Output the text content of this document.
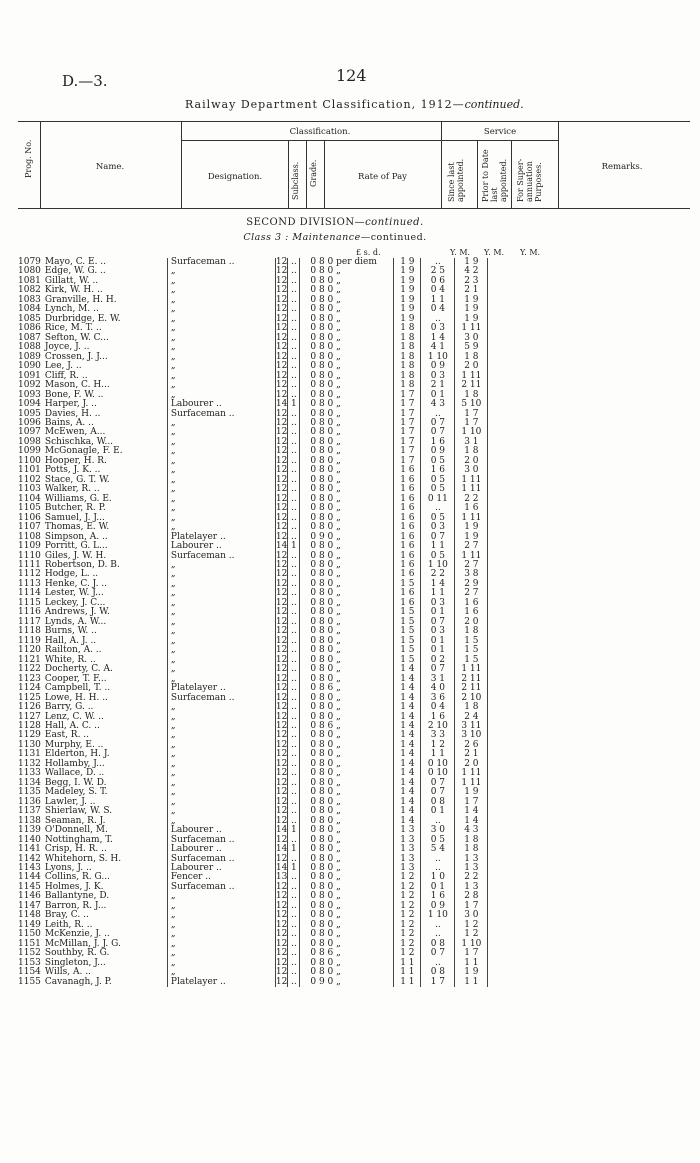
D.—3.	124
Railway Department Classification, 1912—continued.
Prog. No.	Name.
Classification.
Designation.	Subclass. Grade.	Rate of Pay
Service
Since last appointed. Prior to Date last appointed. For Super-annuation Purposes.	Remarks.
SECOND DIVISION—continued.
Class 3 : Maintenance—continued.
£ s. d.	Y. M. Y. M. Y. M.
1079	Mayo, C. E. ..	Surfaceman ..	12	..	0 8 0 per diem	1 9	..	1 9	
1080	Edge, W. G. ..	„	12	..	0 8 0 „	1 9	2 5	4 2	
1081	Gillatt, W. ..	„	12	..	0 8 0 „	1 9	0 6	2 3	
1082	Kirk, W. H. ..	„	12	..	0 8 0 „	1 9	0 4	2 1	
1083	Granville, H. H.	„	12	..	0 8 0 „	1 9	1 1	1 9	
1084	Lynch, M. ..	„	12	..	0 8 0 „	1 9	0 4	1 9	
1085	Durbridge, E. W.	„	12	..	0 8 0 „	1 9	..	1 9	
1086	Rice, M. T. ..	„	12	..	0 8 0 „	1 8	0 3	1 11	
1087	Sefton, W. C...	„	12	..	0 8 0 „	1 8	1 4	3 0	
1088	Joyce, J. ..	„	12	..	0 8 0 „	1 8	4 1	5 9	
1089	Crossen, J. J...	„	12	..	0 8 0 „	1 8	1 10	1 8	
1090	Lee, J. ..	„	12	..	0 8 0 „	1 8	0 9	2 0	
1091	Cliff, R. ..	„	12	..	0 8 0 „	1 8	0 3	1 11	
1092	Mason, C. H...	„	12	..	0 8 0 „	1 8	2 1	2 11	
1093	Bone, F. W. ..	„	12	..	0 8 0 „	1 7	0 1	1 8	
1094	Harper, J. ..	Labourer ..	14	1	0 8 0 „	1 7	4 3	5 10	
1095	Davies, H. ..	Surfaceman ..	12	..	0 8 0 „	1 7	..	1 7	
1096	Bains, A. ..	„	12	..	0 8 0 „	1 7	0 7	1 7	
1097	McEwen, A...	„	12	..	0 8 0 „	1 7	0 7	1 10	
1098	Schischka, W...	„	12	..	0 8 0 „	1 7	1 6	3 1	
1099	McGonagle, F. E.	„	12	..	0 8 0 „	1 7	0 9	1 8	
1100	Hooper, H. R.	„	12	..	0 8 0 „	1 7	0 5	2 0	
1101	Potts, J. K. ..	„	12	..	0 8 0 „	1 6	1 6	3 0	
1102	Stace, G. T. W.	„	12	..	0 8 0 „	1 6	0 5	1 11	
1103	Walker, R. ..	„	12	..	0 8 0 „	1 6	0 5	1 11	
1104	Williams, G. E.	„	12	..	0 8 0 „	1 6	0 11	2 2	
1105	Butcher, R. P.	„	12	..	0 8 0 „	1 6	..	1 6	
1106	Samuel, J. J...	„	12	..	0 8 0 „	1 6	0 5	1 11	
1107	Thomas, E. W.	„	12	..	0 8 0 „	1 6	0 3	1 9	
1108	Simpson, A. ..	Platelayer ..	12	..	0 9 0 „	1 6	0 7	1 9	
1109	Porritt, G. L...	Labourer ..	14	1	0 8 0 „	1 6	1 1	2 7	
1110	Giles, J. W. H.	Surfaceman ..	12	..	0 8 0 „	1 6	0 5	1 11	
1111	Robertson, D. B.	„	12	..	0 8 0 „	1 6	1 10	2 7	
1112	Hodge, L. ..	„	12	..	0 8 0 „	1 6	2 2	3 8	
1113	Henke, C. J. ..	„	12	..	0 8 0 „	1 5	1 4	2 9	
1114	Lester, W. J...	„	12	..	0 8 0 „	1 6	1 1	2 7	
1115	Leckey, J. C...	„	12	..	0 8 0 „	1 6	0 3	1 6	
1116	Andrews, J. W.	„	12	..	0 8 0 „	1 5	0 1	1 6	
1117	Lynds, A. W...	„	12	..	0 8 0 „	1 5	0 7	2 0	
1118	Burns, W. ..	„	12	..	0 8 0 „	1 5	0 3	1 8	
1119	Hall, A. J. ..	„	12	..	0 8 0 „	1 5	0 1	1 5	
1120	Railton, A. ..	„	12	..	0 8 0 „	1 5	0 1	1 5	
1121	White, R. ..	„	12	..	0 8 0 „	1 5	0 2	1 5	
1122	Docherty, C. A.	„	12	..	0 8 0 „	1 4	0 7	1 11	
1123	Cooper, T. F...	„	12	..	0 8 0 „	1 4	3 1	2 11	
1124	Campbell, T. ..	Platelayer ..	12	..	0 8 6 „	1 4	4 0	2 11	
1125	Lowe, H. H. ..	Surfaceman ..	12	..	0 8 0 „	1 4	3 6	2 10	
1126	Barry, G. ..	„	12	..	0 8 0 „	1 4	0 4	1 8	
1127	Lenz, C. W. ..	„	12	..	0 8 0 „	1 4	1 6	2 4	
1128	Hall, A. C. ..	„	12	..	0 8 6 „	1 4	2 10	3 11	
1129	East, R. ..	„	12	..	0 8 0 „	1 4	3 3	3 10	
1130	Murphy, E. ..	„	12	..	0 8 0 „	1 4	1 2	2 6	
1131	Elderton, H. J.	„	12	..	0 8 0 „	1 4	1 1	2 1	
1132	Hollamby, J...	„	12	..	0 8 0 „	1 4	0 10	2 0	
1133	Wallace, D. ..	„	12	..	0 8 0 „	1 4	0 10	1 11	
1134	Begg, I. W. D.	„	12	..	0 8 0 „	1 4	0 7	1 11	
1135	Madeley, S. T.	„	12	..	0 8 0 „	1 4	0 7	1 9	
1136	Lawler, J. ..	„	12	..	0 8 0 „	1 4	0 8	1 7	
1137	Shierlaw, W. S.	„	12	..	0 8 0 „	1 4	0 1	1 4	
1138	Seaman, R. J.	„	12	..	0 8 0 „	1 4	..	1 4	
1139	O'Donnell, M.	Labourer ..	14	1	0 8 0 „	1 3	3 0	4 3	
1140	Nottingham, T.	Surfaceman ..	12	..	0 8 0 „	1 3	0 5	1 8	
1141	Crisp, H. R. ..	Labourer ..	14	1	0 8 0 „	1 3	5 4	1 8	
1142	Whitehorn, S. H.	Surfaceman ..	12	..	0 8 0 „	1 3	..	1 3	
1143	Lyons, J. ..	Labourer ..	14	1	0 8 0 „	1 3	..	1 3	
1144	Collins, R. G...	Fencer ..	13	..	0 8 0 „	1 2	1 0	2 2	
1145	Holmes, J. K.	Surfaceman ..	12	..	0 8 0 „	1 2	0 1	1 3	
1146	Ballantyne, D.	„	12	..	0 8 0 „	1 2	1 6	2 8	
1147	Barron, R. J...	„	12	..	0 8 0 „	1 2	0 9	1 7	
1148	Bray, C. ..	„	12	..	0 8 0 „	1 2	1 10	3 0	
1149	Leith, R. ..	„	12	..	0 8 0 „	1 2	..	1 2	
1150	McKenzie, J. ..	„	12	..	0 8 0 „	1 2	..	1 2	
1151	McMillan, J. J. G.	„	12	..	0 8 0 „	1 2	0 8	1 10	
1152	Southby, R. G.	„	12	..	0 8 6 „	1 2	0 7	1 7	
1153	Singleton, J...	„	12	..	0 8 0 „	1 1	..	1 1	
1154	Wills, A. ..	„	12	..	0 8 0 „	1 1	0 8	1 9	
1155	Cavanagh, J. P.	Platelayer ..	12	..	0 9 0 „	1 1	1 7	1 1	
